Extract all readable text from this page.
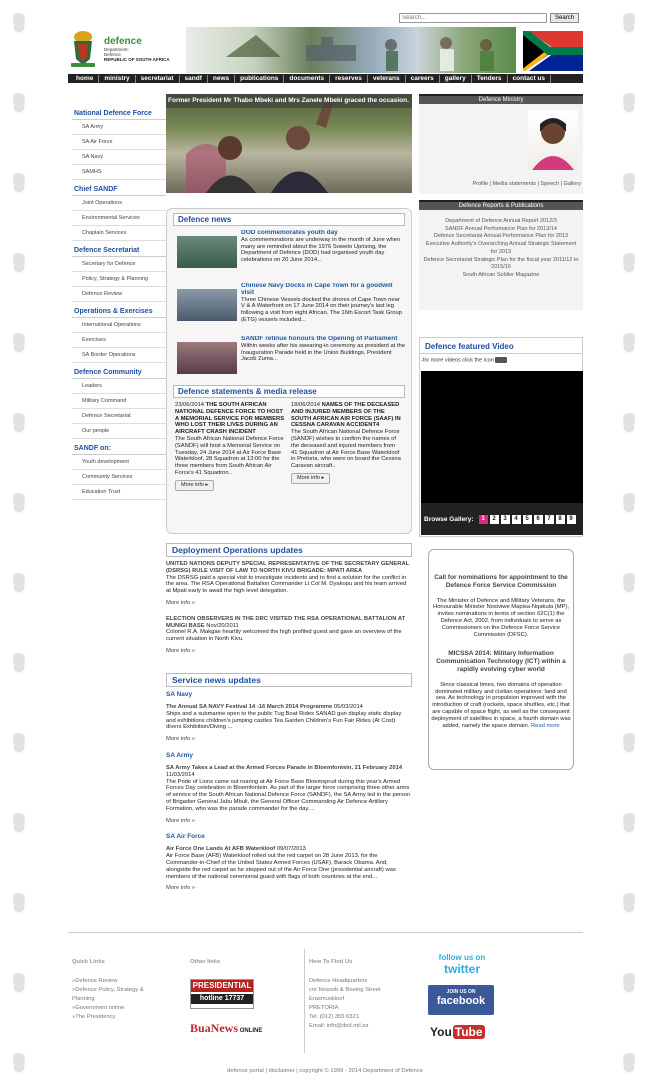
Search...
Search
defence
Department:
Defence
REPUBLIC OF SOUTH AFRICA
home	ministry	secretariat	sandf	news	publications	documents	reserves	veterans	careers	gallery	Tenders	contact us
National Defence Force
SA Army
SA Air Force
SA Navy
SAMHS
Chief SANDF
Joint Operations
Environmental Services
Chaplain Services
Defence Secretariat
Secretary for Defence
Policy, Strategy & Planning
Defence Review
Operations & Exercises
International Operations
Exercises
SA Border Operations
Defence Community
Leaders
Military Command
Defence Secretariat
Our people
SANDF on:
Youth development
Community Services
Education Trust
Former President Mr Thabo Mbeki and Mrs Zanele Mbeki graced the occasion.
Defence news
DOD commemorates youth day
As commemorations are underway in the month of June when many are reminded about the 1976 Soweto Uprising, the Department of Defence (DOD) had organised youth day celebrations on 20 June 2014...
Chinese Navy Docks in Cape Town for a goodwill visit
Three Chinese Vessels docked the shores of Cape Town near V & A Waterfront on 17 June 2014 on their journey's last leg following a visit from eight African. The 16th Escort Task Group (ETG) vessels included...
SANDF retinue honours the Opening of Parliament
Within weeks after his swearing-in ceremony as president at the Inauguration Parade held in the Union Buildings, President Jacob Zuma...
Defence statements & media release
23/06/2014 THE SOUTH AFRICAN NATIONAL DEFENCE FORCE TO HOST A MEMORIAL SERVICE FOR MEMBERS WHO LOST THEIR LIVES DURING AN AIRCRAFT CRASH INCIDENT
The South African National Defence Force (SANDF) will host a Memorial Service on Tuesday, 24 June 2014 at Air Force Base Waterkloof, 28 Squadron at 13:00 for the three members from South African Air Force's 41 Squadron..
More info ▸
18/06/2014 NAMES OF THE DECEASED AND INJURED MEMBERS OF THE SOUTH AFRICAN AIR FORCE (SAAF) IN CESSNA CARAVAN ACCIDENT4
The South African National Defence Force (SANDF) wishes to confirm the names of the deceased and injured members from 41 Squadron at Air Force Base Waterkloof in Pretoria, who were on board the Cessna Caravan aircraft..
More info ▸
Deployment Operations updates
UNITED NATIONS DEPUTY SPECIAL REPRESENTATIVE OF THE SECRETARY GENERAL (DSRSG) RULE VISIT OF LAW TO NORTH KIVU BRIGADE: MPATI AREA
The DSRSG paid a special visit to investigate incidents and to find a solution for the conflict in the area. The RSA Operational Battalion Commander Lt Col M. Dyakopu and his team arrived at Mpati early to await the high level delegation.
More info »
ELECTION OBSERVERS IN THE DRC VISITED THE RSA OPERATIONAL BATTALION AT MUNIGI BASE Nov/20/2011
Colonel R.A. Makgae heartily welcomed the high profiled guest and gave an overview of the current situation in North Kivu.
More info »
Service news updates
SA Navy
The Annual SA NAVY Festival 14 -16 March 2014 Programme 05/03/2014
Ships and a submarine open to the public Tug Boat Rides SANAD gun display static display and exhibitions children's jumping castles Tea Garden Children's Fun Fair Rides (At Cost) divers Exhibition/Diving ...
More info »
SA Army
SA Army Takes a Lead at the Armed Forces Parade in Bloemfontein, 21 February 2014 11/03/2014
The Pride of Lions came out roaring at Air Force Base Bloemspruit during this year's Armed Forces Day celebration in Bloemfontein. As part of the larger force comprising three other arms of service of the South African National Defence Force (SANDF), the SA Army led in the person of Brigadier General Jabu Mbuli, the General Officer Commanding Air Defence Artillery Formation, who was the parade commander for the day....
More info »
SA Air Force
Air Force One Lands At AFB Waterkloof 09/07/2013
Air Force Base (AFB) Waterkloof rolled out the red carpet on 28 June 2013, for the Commander-in-Chief of the United States Armed Forces (USAF), Barack Obama. And, alongside the red carpet as he stepped out of the Air Force One (presidential aircraft) was members of the national ceremonial guard with flags of both countries at the end...
More info »
Defence Ministry
Profile | Media statements | Speech | Gallery
Defence Reports & Publications
Department of Defence Annual Report 2012/3
SANDF Annual Performance Plan for 2013/14
Defence Secretariat Annual Performance Plan for 2013
Executive Authority's Overarching Annual Strategic Statement for 2013
Defence Secretariat Strategic Plan for the fiscal year 2011/12 to 2015/16
South African Soldier Magazine
Defence featured Video
-for more videos click the icon
Browse Gallery:	1	2	3	4	5	6	7	8	9
Call for nominations for appointment to the Defence Force Service Commission
The Minister of Defence and Military Veterans, the Honourable Minister Nosiviwe Mapisa-Nqakula (MP), invites nominations in terms of section 62C(1) the Defence Act, 2002, from individuals to serve as Commissioners on the Defence Force Service Commission (DFSC).
MICSSA 2014: Military Information Communication Technology (ICT) within a rapidly evolving cyber world
Since classical times, two domains of operation dominated military and civilian operations: land and sea. As technology in propulsion improved with the introduction of craft (rockets, space shuttles, etc.) that are capable of space flight, as well as the consequent deployment of satellites in space, a fourth domain was added, namely the space domain. Read more
Quick Links
»Defence Review
»Defence Policy, Strategy & Planning
»Government online
»The Presidency
Other links
PRESIDENTIAL
hotline 17737
BuaNews ONLINE
How To Find Us
Defence Headquarters
cnr Nossob & Boeing Street
Erasmuskloof
PRETORIA
Tel: (012) 355 6321
Email: info@dod.mil.za
follow us on
twitter
JOIN US ON
facebook
You Tube
defence portal | disclaimer | copyright © 1999 - 2014 Department of Defence
